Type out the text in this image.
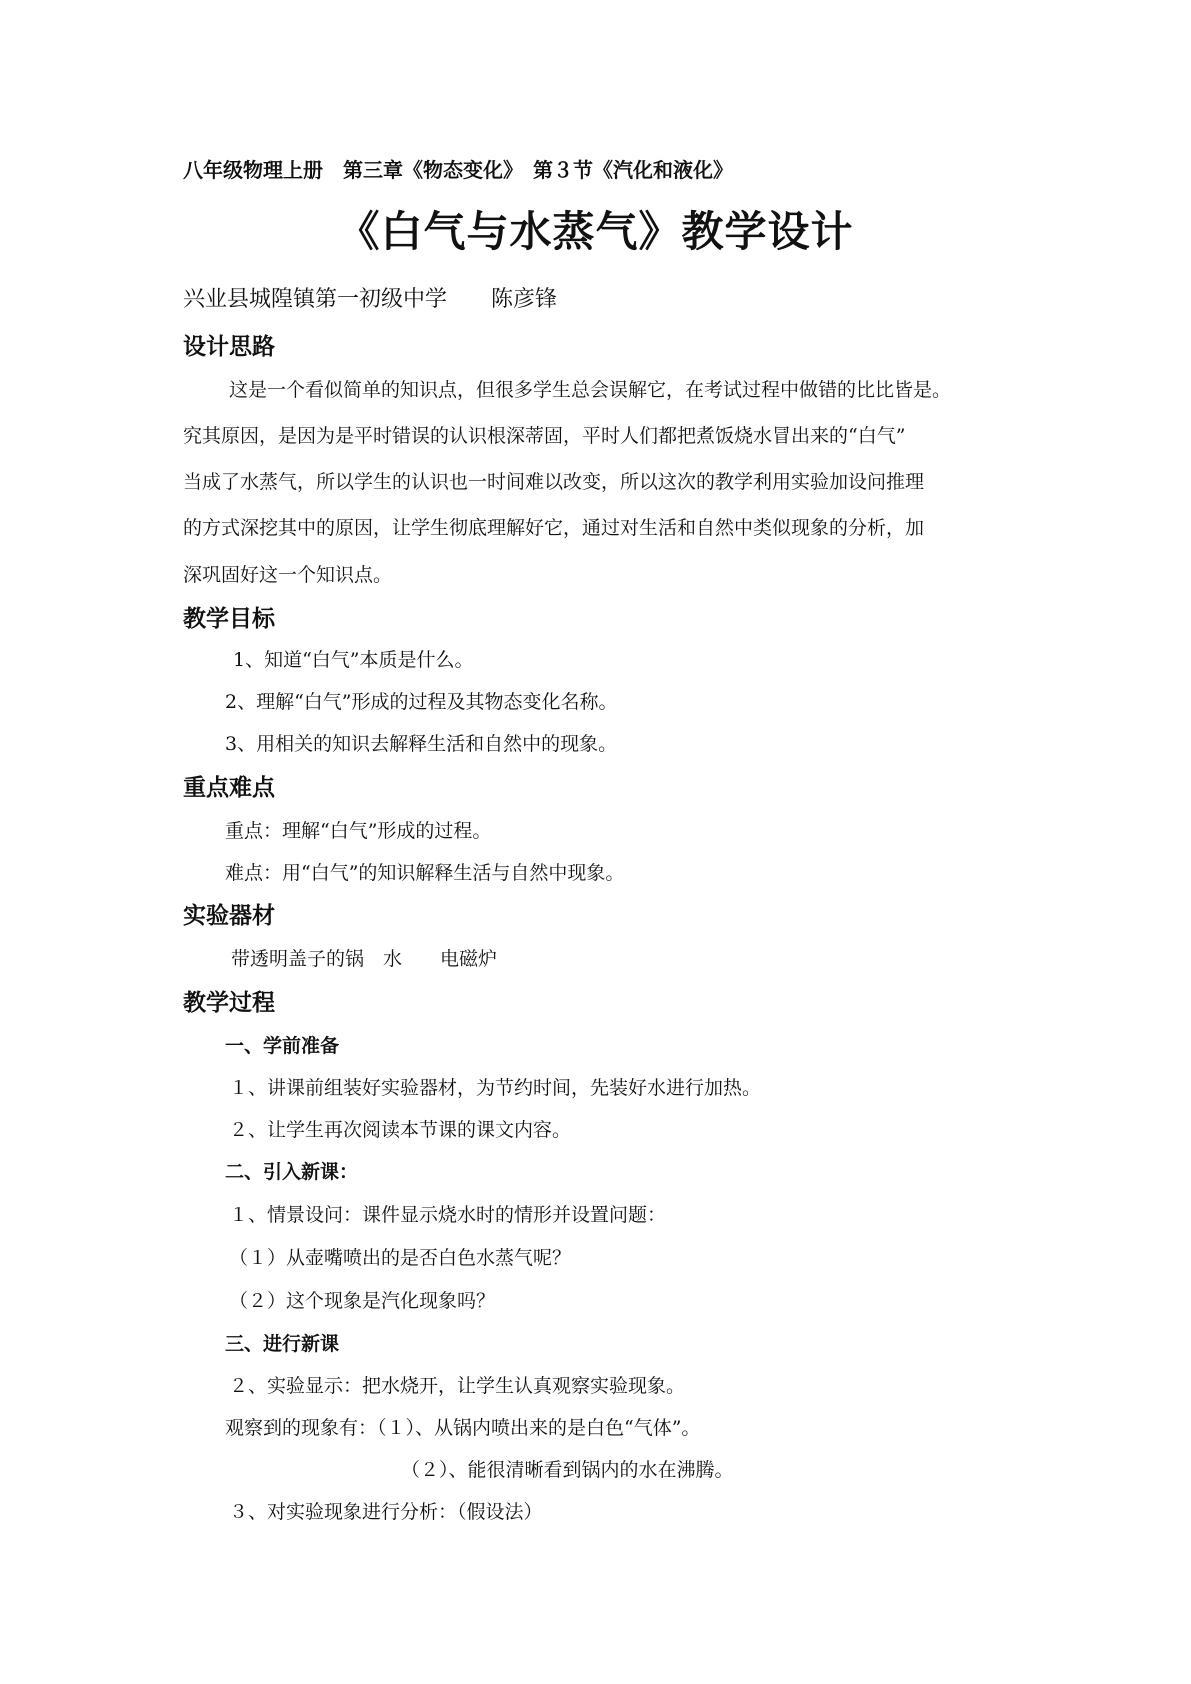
八年级物理上册　第三章《物态变化》　第３节《汽化和液化》
《白气与水蒸气》教学设计
兴业县城隍镇第一初级中学　　陈彦锋
设计思路
这是一个看似简单的知识点，但很多学生总会误解它，在考试过程中做错的比比皆是。
究其原因，是因为是平时错误的认识根深蒂固，平时人们都把煮饭烧水冒出来的“白气”
当成了水蒸气，所以学生的认识也一时间难以改变，所以这次的教学利用实验加设问推理
的方式深挖其中的原因，让学生彻底理解好它，通过对生活和自然中类似现象的分析，加
深巩固好这一个知识点。
教学目标
1、知道“白气”本质是什么。
2、理解“白气”形成的过程及其物态变化名称。
3、用相关的知识去解释生活和自然中的现象。
重点难点
重点：理解“白气”形成的过程。
难点：用“白气”的知识解释生活与自然中现象。
实验器材
带透明盖子的锅　水　　电磁炉
教学过程
一、学前准备
１、讲课前组装好实验器材，为节约时间，先装好水进行加热。
２、让学生再次阅读本节课的课文内容。
二、引入新课：
１、情景设问：课件显示烧水时的情形并设置问题：
（１）从壶嘴喷出的是否白色水蒸气呢？
（２）这个现象是汽化现象吗？
三、进行新课
２、实验显示：把水烧开，让学生认真观察实验现象。
观察到的现象有：（１）、从锅内喷出来的是白色“气体”。
（２）、能很清晰看到锅内的水在沸腾。
３、对实验现象进行分析：（假设法）
